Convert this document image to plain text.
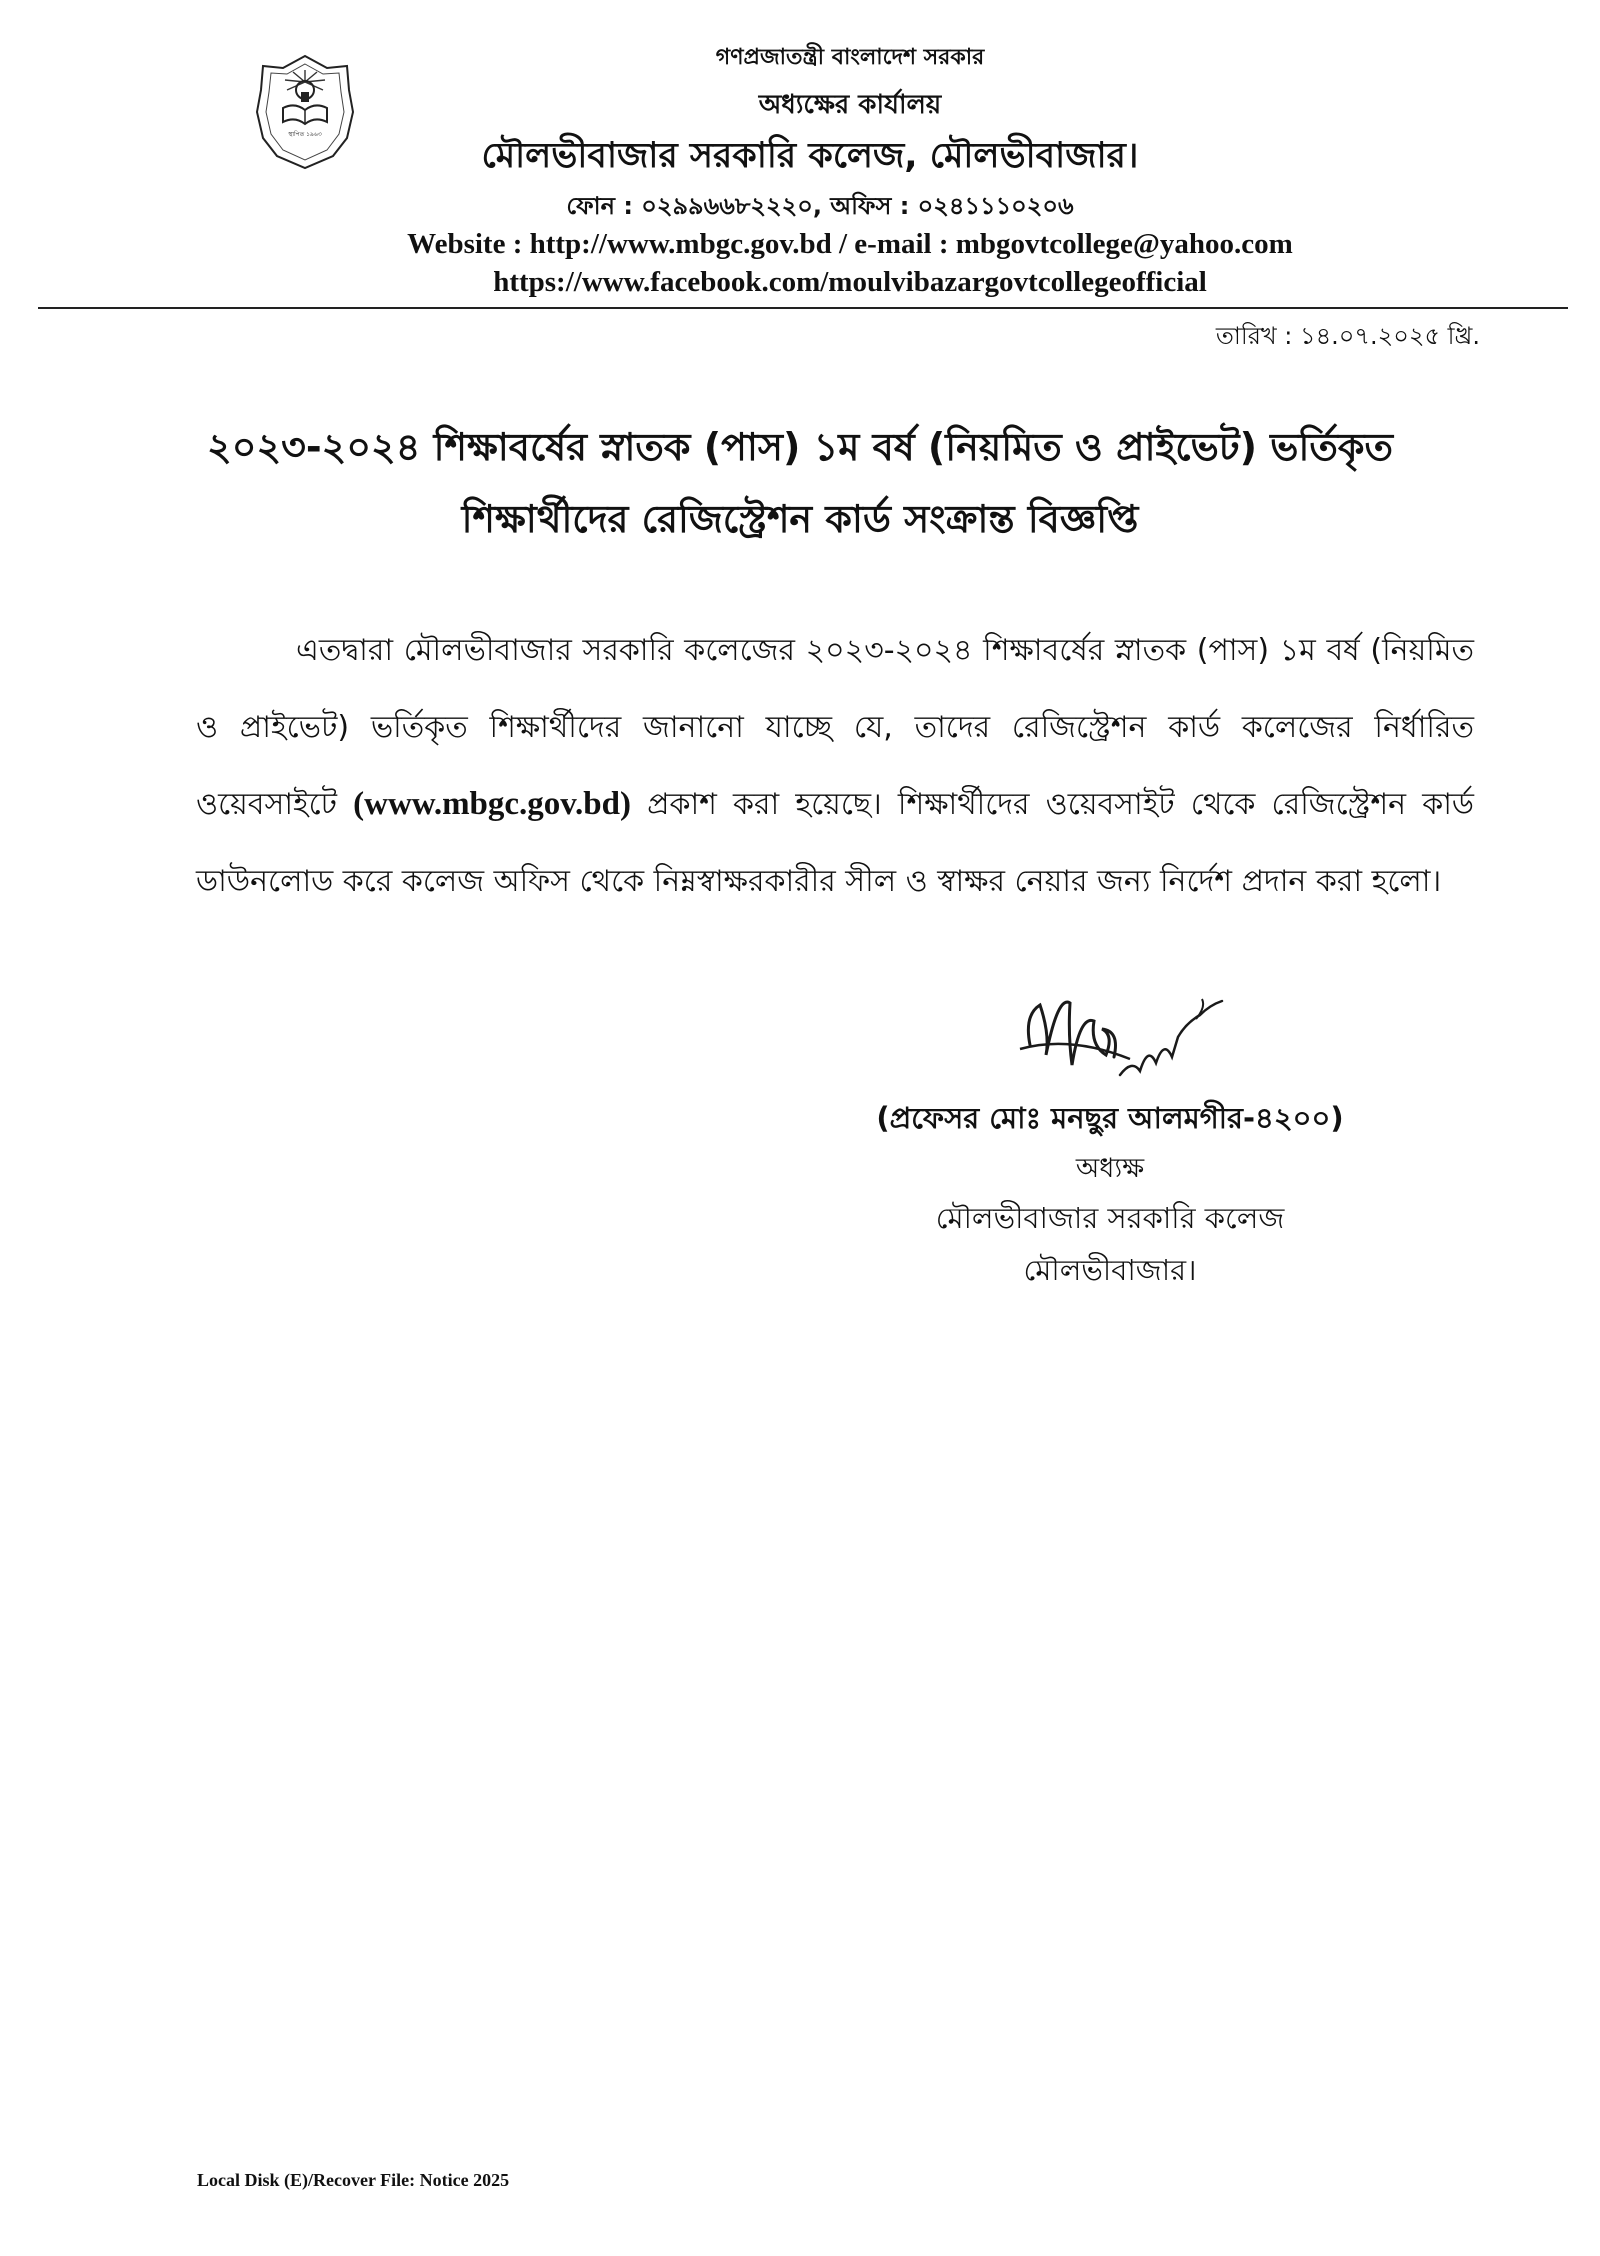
স্থাপিত ১৯৬৩
গণপ্রজাতন্ত্রী বাংলাদেশ সরকার
অধ্যক্ষের কার্যালয়
মৌলভীবাজার সরকারি কলেজ, মৌলভীবাজার।
ফোন : ০২৯৯৬৬৮২২২০, অফিস : ০২৪১১১০২০৬
Website : http://www.mbgc.gov.bd / e-mail : mbgovtcollege@yahoo.com
https://www.facebook.com/moulvibazargovtcollegeofficial
তারিখ : ১৪.০৭.২০২৫ খ্রি.
২০২৩-২০২৪ শিক্ষাবর্ষের স্নাতক (পাস) ১ম বর্ষ (নিয়মিত ও প্রাইভেট) ভর্তিকৃত
শিক্ষার্থীদের রেজিস্ট্রেশন কার্ড সংক্রান্ত বিজ্ঞপ্তি
এতদ্বারা মৌলভীবাজার সরকারি কলেজের ২০২৩-২০২৪ শিক্ষাবর্ষের স্নাতক (পাস) ১ম বর্ষ (নিয়মিত ও প্রাইভেট) ভর্তিকৃত শিক্ষার্থীদের জানানো যাচ্ছে যে, তাদের রেজিস্ট্রেশন কার্ড কলেজের নির্ধারিত ওয়েবসাইটে (www.mbgc.gov.bd) প্রকাশ করা হয়েছে। শিক্ষার্থীদের ওয়েবসাইট থেকে রেজিস্ট্রেশন কার্ড ডাউনলোড করে কলেজ অফিস থেকে নিম্নস্বাক্ষরকারীর সীল ও স্বাক্ষর নেয়ার জন্য নির্দেশ প্রদান করা হলো।
(প্রফেসর মোঃ মনছুর আলমগীর-৪২০০)
অধ্যক্ষ
মৌলভীবাজার সরকারি কলেজ
মৌলভীবাজার।
Local Disk (E)/Recover File: Notice 2025
